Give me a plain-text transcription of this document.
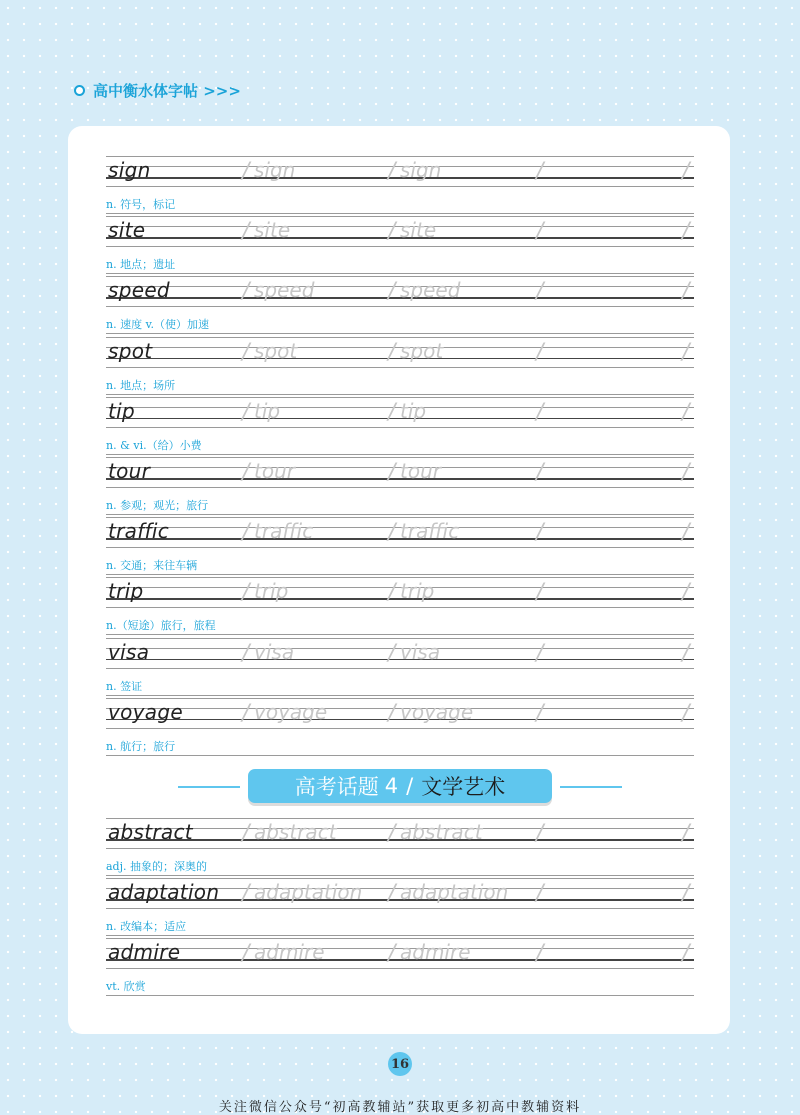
高中衡水体字帖 >>>
高考话题 4 / 文学艺术
sign	/ sign	/ sign	/	/
n. 符号，标记
site	/ site	/ site	/	/
n. 地点；遗址
speed	/ speed	/ speed	/	/
n. 速度 v.（使）加速
spot	/ spot	/ spot	/	/
n. 地点；场所
tip	/ tip	/ tip	/	/
n. & vi.（给）小费
tour	/ tour	/ tour	/	/
n. 参观；观光；旅行
traffic	/ traffic	/ traffic	/	/
n. 交通；来往车辆
trip	/ trip	/ trip	/	/
n.（短途）旅行，旅程
visa	/ visa	/ visa	/	/
n. 签证
voyage	/ voyage	/ voyage	/	/
n. 航行；旅行
abstract / abstract / abstract /	/
adj. 抽象的；深奥的
adaptation / adaptation / adaptation /	/
n. 改编本；适应
admire	/ admire	/ admire	/	/
vt. 欣赏
16
关注微信公众号“初高教辅站”获取更多初高中教辅资料
